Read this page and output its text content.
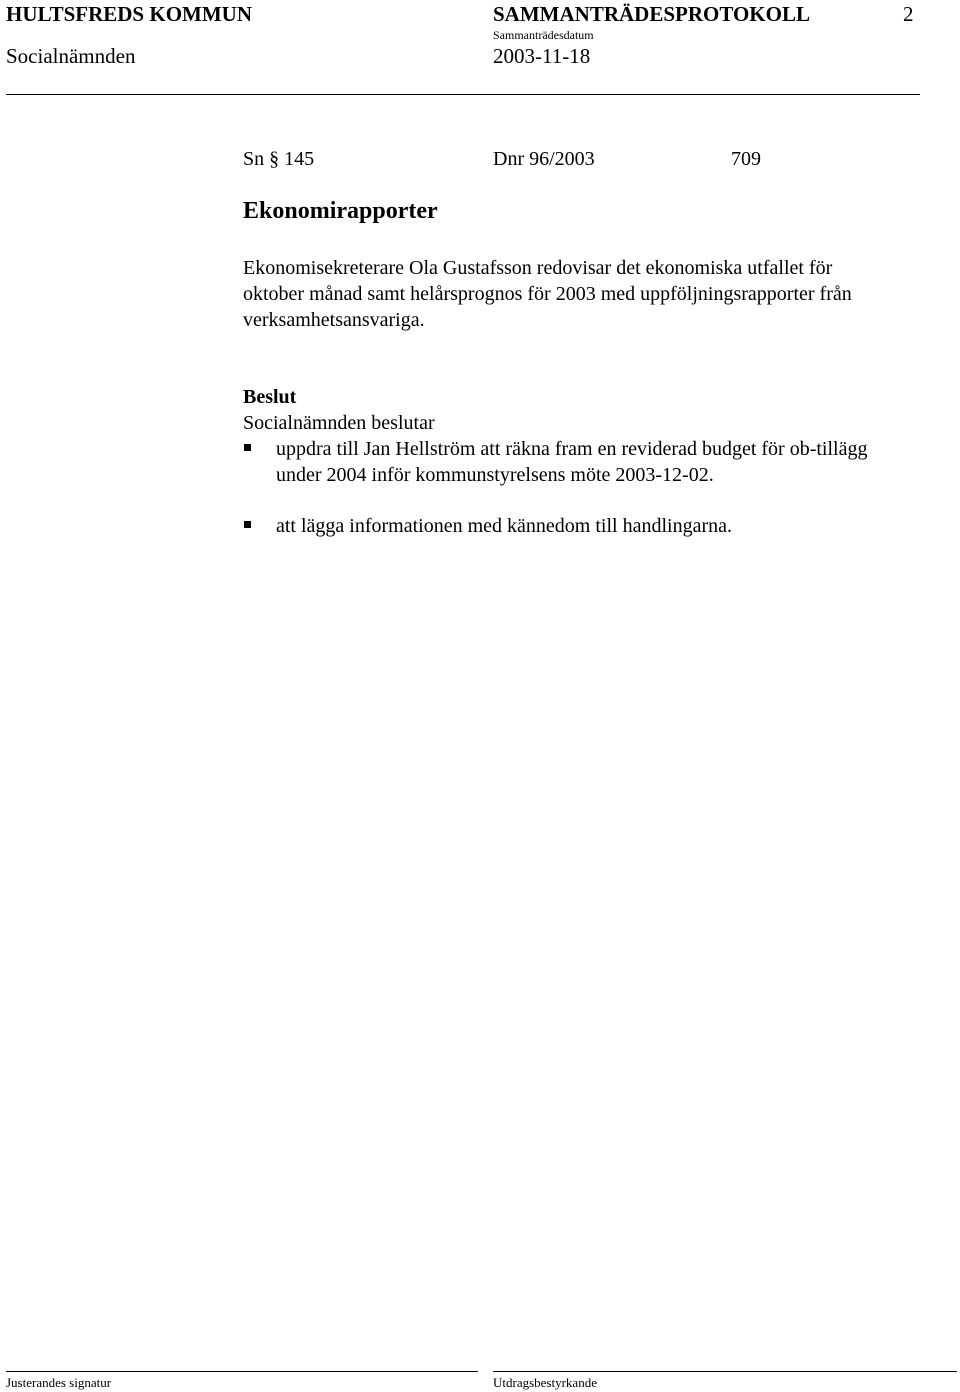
HULTSFREDS KOMMUN	SAMMANTRÄDESPROTOKOLL	2
Sammanträdesdatum
Socialnämnden	2003-11-18
Sn § 145	Dnr 96/2003	709
Ekonomirapporter
Ekonomisekreterare Ola Gustafsson redovisar det ekonomiska utfallet för
oktober månad samt helårsprognos för 2003 med uppföljningsrapporter från
verksamhetsansvariga.
Beslut
Socialnämnden beslutar
uppdra till Jan Hellström att räkna fram en reviderad budget för ob-tillägg
under 2004 inför kommunstyrelsens möte 2003-12-02.
att lägga informationen med kännedom till handlingarna.
Justerandes signatur	Utdragsbestyrkande
